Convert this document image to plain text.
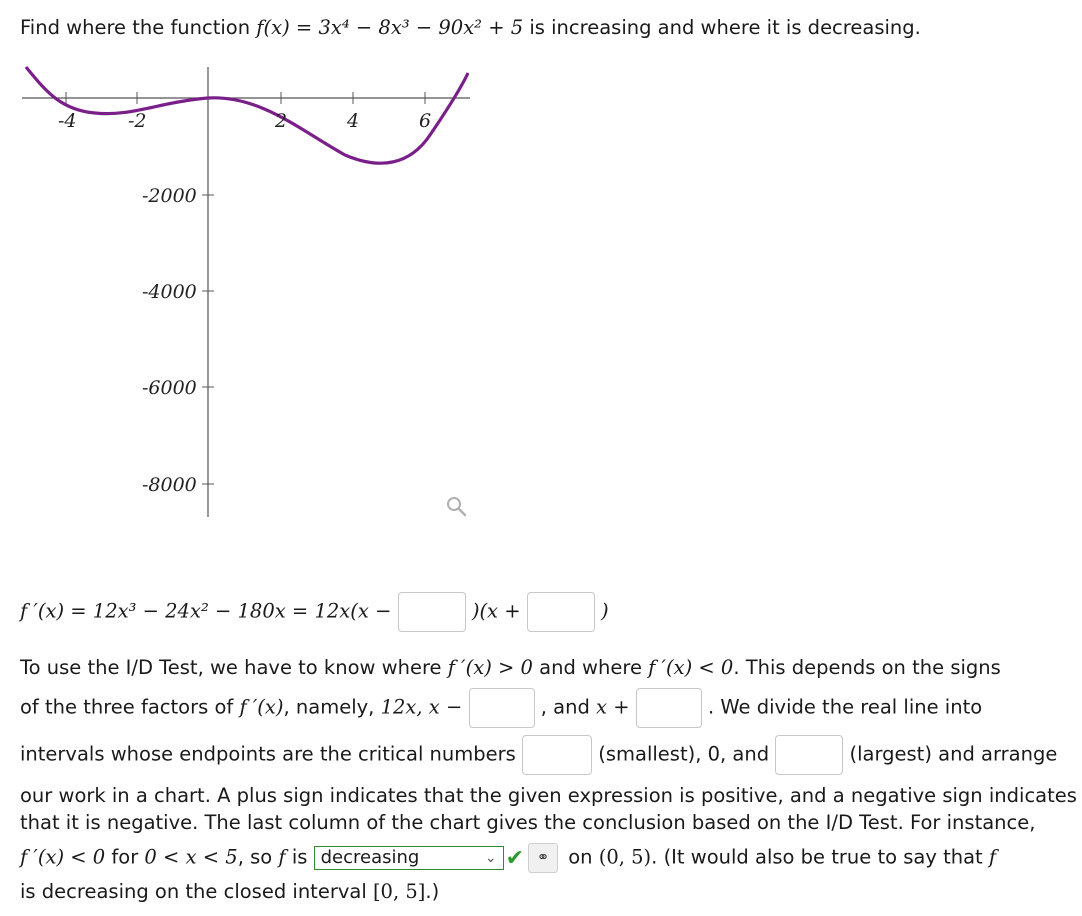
Find where the function f(x) = 3x⁴ − 8x³ − 90x² + 5 is increasing and where it is decreasing.
-4	-2	2	4	6
-2000
-4000
-6000
-8000
f ′(x) = 12x³ − 24x² − 180x = 12x(x −	)(x +	)
To use the I/D Test, we have to know where f ′(x) > 0 and where f ′(x) < 0. This depends on the signs
of the three factors of f ′(x), namely, 12x, x −	, and x +	. We divide the real line into
intervals whose endpoints are the critical numbers	(smallest), 0, and	(largest) and arrange
our work in a chart. A plus sign indicates that the given expression is positive, and a negative sign indicates
that it is negative. The last column of the chart gives the conclusion based on the I/D Test. For instance,
f ′(x) < 0 for 0 < x < 5, so f is decreasing	⌄ ✔ ⚭ on (0, 5). (It would also be true to say that f
is decreasing on the closed interval [0, 5].)
